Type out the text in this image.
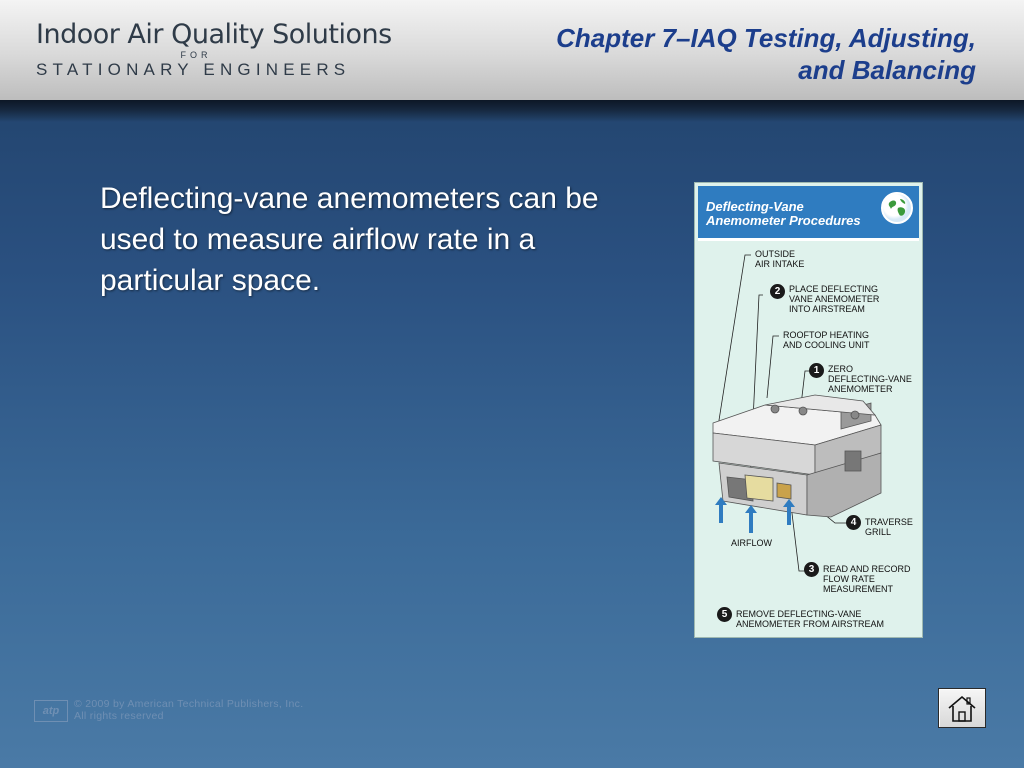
Indoor Air Quality Solutions
FOR
STATIONARY ENGINEERS
Chapter 7–IAQ Testing, Adjusting,
and Balancing
Deflecting-vane anemometers can be used to measure airflow rate in a particular space.
Deflecting-Vane
Anemometer Procedures
OUTSIDE
AIR INTAKE
2 PLACE DEFLECTING
VANE ANEMOMETER
INTO AIRSTREAM
ROOFTOP HEATING
AND COOLING UNIT
1 ZERO
DEFLECTING-VANE
ANEMOMETER
4 TRAVERSE
GRILL
AIRFLOW
3 READ AND RECORD
FLOW RATE
MEASUREMENT
5 REMOVE DEFLECTING-VANE
ANEMOMETER FROM AIRSTREAM
atp
© 2009 by American Technical Publishers, Inc.
All rights reserved
